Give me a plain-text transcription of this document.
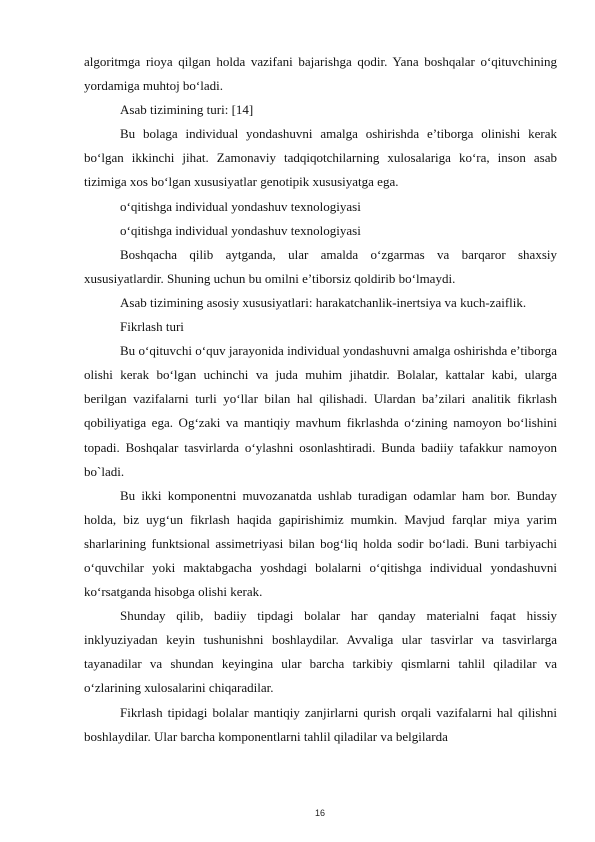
algoritmga rioya qilgan holda vazifani bajarishga qodir. Yana boshqalar o‘qituvchining yordamiga muhtoj bo‘ladi.

Asab tizimining turi: [14]

Bu bolaga individual yondashuvni amalga oshirishda e’tiborga olinishi kerak bo‘lgan ikkinchi jihat. Zamonaviy tadqiqotchilarning xulosalariga ko‘ra, inson asab tizimiga xos bo‘lgan xususiyatlar genotipik xususiyatga ega.

o‘qitishga individual yondashuv texnologiyasi

o‘qitishga individual yondashuv texnologiyasi

Boshqacha qilib aytganda, ular amalda o‘zgarmas va barqaror shaxsiy xususiyatlardir. Shuning uchun bu omilni e’tiborsiz qoldirib bo‘lmaydi.

Asab tizimining asosiy xususiyatlari: harakatchanlik-inertsiya va kuch-zaiflik.

Fikrlash turi

Bu o‘qituvchi o‘quv jarayonida individual yondashuvni amalga oshirishda e’tiborga olishi kerak bo‘lgan uchinchi va juda muhim jihatdir. Bolalar, kattalar kabi, ularga berilgan vazifalarni turli yo‘llar bilan hal qilishadi. Ulardan ba’zilari analitik fikrlash qobiliyatiga ega. Og‘zaki va mantiqiy mavhum fikrlashda o‘zining namoyon bo‘lishini topadi. Boshqalar tasvirlarda o‘ylashni osonlashtiradi. Bunda badiiy tafakkur namoyon bo`ladi.

Bu ikki komponentni muvozanatda ushlab turadigan odamlar ham bor. Bunday holda, biz uyg‘un fikrlash haqida gapirishimiz mumkin. Mavjud farqlar miya yarim sharlarining funktsional assimetriyasi bilan bog‘liq holda sodir bo‘ladi. Buni tarbiyachi o‘quvchilar yoki maktabgacha yoshdagi bolalarni o‘qitishga individual yondashuvni ko‘rsatganda hisobga olishi kerak.

Shunday qilib, badiiy tipdagi bolalar har qanday materialni faqat hissiy inklyuziyadan keyin tushunishni boshlaydilar. Avvaliga ular tasvirlar va tasvirlarga tayanadilar va shundan keyingina ular barcha tarkibiy qismlarni tahlil qiladilar va o‘zlarining xulosalarini chiqaradilar.

Fikrlash tipidagi bolalar mantiqiy zanjirlarni qurish orqali vazifalarni hal qilishni boshlaydilar. Ular barcha komponentlarni tahlil qiladilar va belgilarda

16
